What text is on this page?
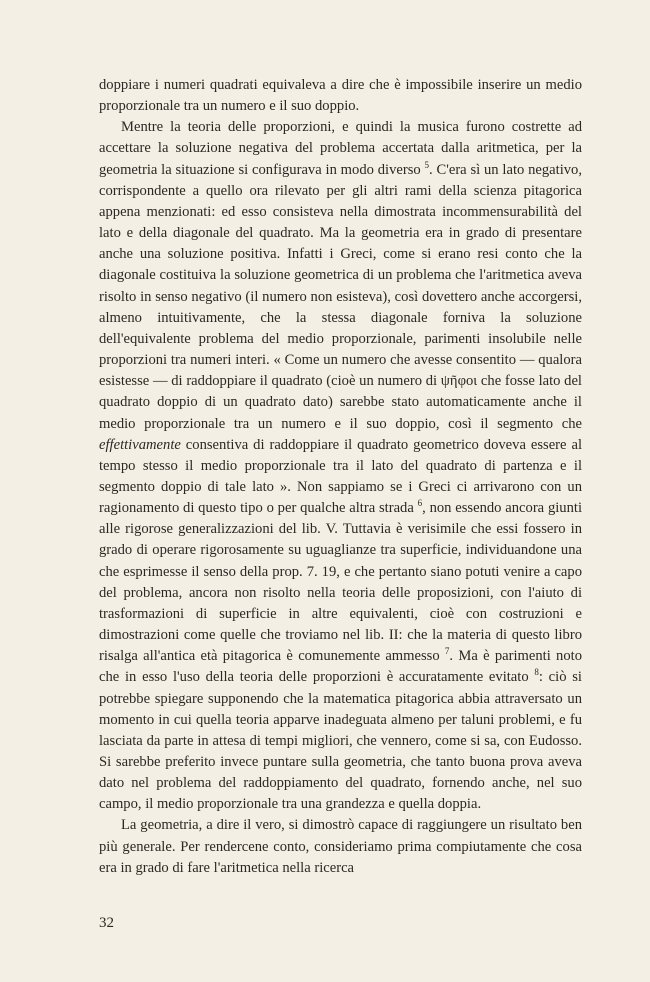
doppiare i numeri quadrati equivaleva a dire che è impossibile inserire un medio proporzionale tra un numero e il suo doppio.

Mentre la teoria delle proporzioni, e quindi la musica furono costrette ad accettare la soluzione negativa del problema accertata dalla aritmetica, per la geometria la situazione si configurava in modo diverso $^5$. C'era sì un lato negativo, corrispondente a quello ora rilevato per gli altri rami della scienza pitagorica appena menzionati: ed esso consisteva nella dimostrata incommensurabilità del lato e della diagonale del quadrato. Ma la geometria era in grado di presentare anche una soluzione positiva. Infatti i Greci, come si erano resi conto che la diagonale costituiva la soluzione geometrica di un problema che l'aritmetica aveva risolto in senso negativo (il numero non esisteva), così dovettero anche accorgersi, almeno intuitivamente, che la stessa diagonale forniva la soluzione dell'equivalente problema del medio proporzionale, parimenti insolubile nelle proporzioni tra numeri interi. « Come un numero che avesse consentito — qualora esistesse — di raddoppiare il quadrato (cioè un numero di ψῆφοι che fosse lato del quadrato doppio di un quadrato dato) sarebbe stato automaticamente anche il medio proporzionale tra un numero e il suo doppio, così il segmento che effettivamente consentiva di raddoppiare il quadrato geometrico doveva essere al tempo stesso il medio proporzionale tra il lato del quadrato di partenza e il segmento doppio di tale lato ». Non sappiamo se i Greci ci arrivarono con un ragionamento di questo tipo o per qualche altra strada $^6$, non essendo ancora giunti alle rigorose generalizzazioni del lib. V. Tuttavia è verisimile che essi fossero in grado di operare rigorosamente su uguaglianze tra superficie, individuandone una che esprimesse il senso della prop. 7. 19, e che pertanto siano potuti venire a capo del problema, ancora non risolto nella teoria delle proposizioni, con l'aiuto di trasformazioni di superficie in altre equivalenti, cioè con costruzioni e dimostrazioni come quelle che troviamo nel lib. II: che la materia di questo libro risalga all'antica età pitagorica è comunemente ammesso $^7$. Ma è parimenti noto che in esso l'uso della teoria delle proporzioni è accuratamente evitato $^8$: ciò si potrebbe spiegare supponendo che la matematica pitagorica abbia attraversato un momento in cui quella teoria apparve inadeguata almeno per taluni problemi, e fu lasciata da parte in attesa di tempi migliori, che vennero, come si sa, con Eudosso. Si sarebbe preferito invece puntare sulla geometria, che tanto buona prova aveva dato nel problema del raddoppiamento del quadrato, fornendo anche, nel suo campo, il medio proporzionale tra una grandezza e quella doppia.

La geometria, a dire il vero, si dimostrò capace di raggiungere un risultato ben più generale. Per rendercene conto, consideriamo prima compiutamente che cosa era in grado di fare l'aritmetica nella ricerca

32
